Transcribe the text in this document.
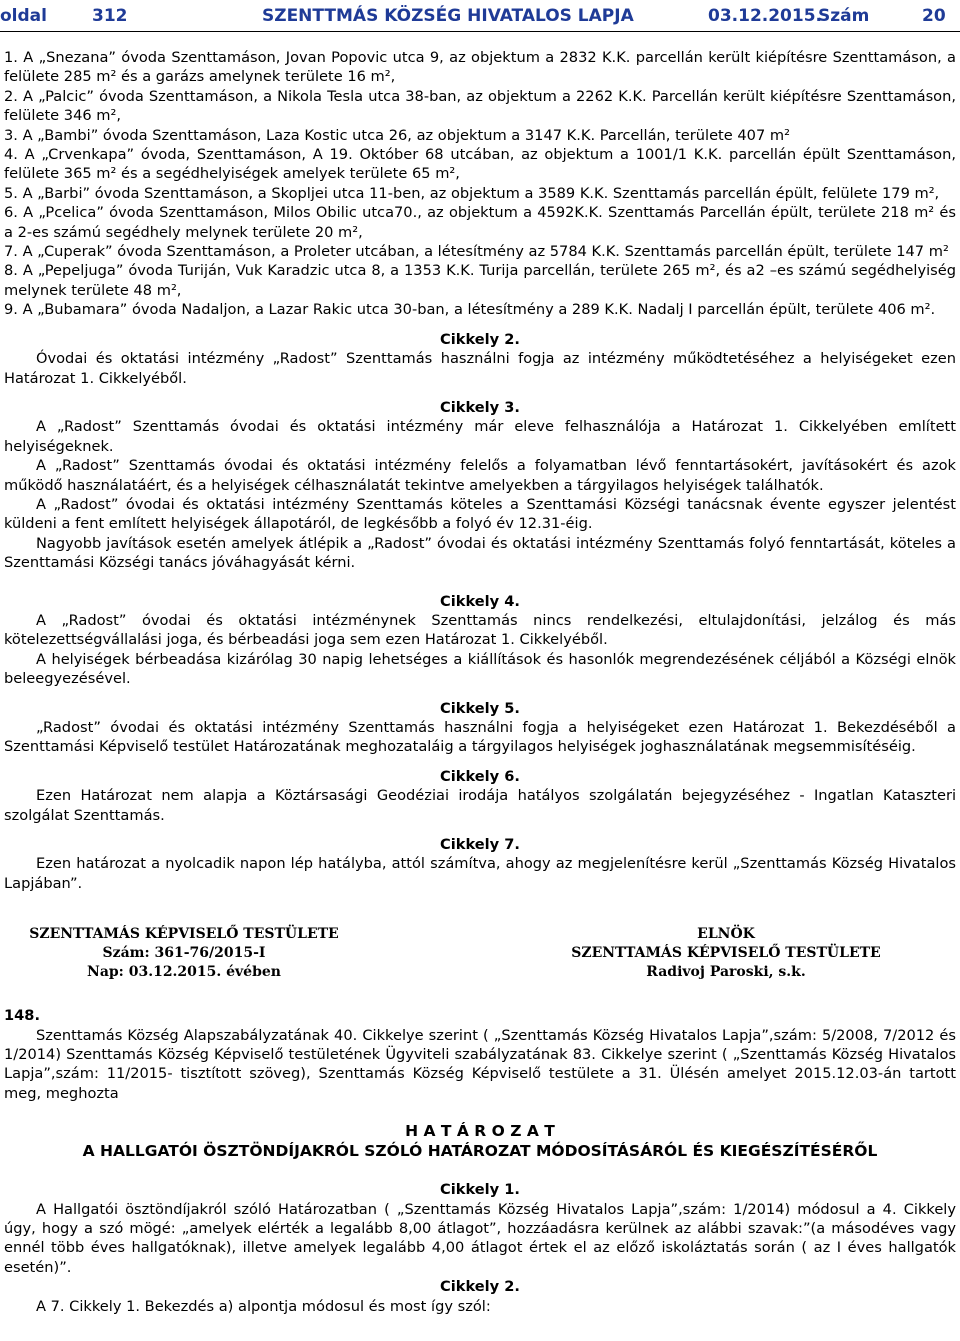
oldal	312	SZENTTMÁS KÖZSÉG HIVATALOS LAPJA	03.12.2015.
Szám	20

1. A „Snezana” óvoda Szenttamáson, Jovan Popovic utca 9, az objektum a 2832 K.K. parcellán került kiépítésre Szenttamáson, a felülete 285 m² és a garázs amelynek területe 16 m²,

2. A „Palcic” óvoda Szenttamáson, a Nikola Tesla utca 38-ban, az objektum a 2262 K.K. Parcellán került kiépítésre Szenttamáson, felülete 346 m²,

3. A „Bambi” óvoda Szenttamáson, Laza Kostic utca 26, az objektum a 3147 K.K. Parcellán, területe 407 m²

4. A „Crvenkapa” óvoda, Szenttamáson, A 19. Október 68 utcában, az objektum a 1001/1 K.K. parcellán épült Szenttamáson, felülete 365 m² és a segédhelyiségek amelyek területe 65 m²,

5. A „Barbi” óvoda Szenttamáson, a Skopljei utca 11-ben, az objektum a 3589 K.K. Szenttamás parcellán épült, felülete 179 m²,

6. A „Pcelica” óvoda Szenttamáson, Milos Obilic utca70., az objektum a 4592K.K. Szenttamás Parcellán épült, területe 218 m² és a 2-es számú segédhely melynek területe 20 m²,

7. A „Cuperak” óvoda Szenttamáson, a Proleter utcában, a létesítmény az 5784 K.K. Szenttamás parcellán épült, területe 147 m²

8. A „Pepeljuga” óvoda Turiján, Vuk Karadzic utca 8, a 1353 K.K. Turija parcellán, területe 265 m², és a2 –es számú segédhelyiség melynek területe 48 m²,

9. A „Bubamara” óvoda Nadaljon, a Lazar Rakic utca 30-ban, a létesítmény a 289 K.K. Nadalj I parcellán épült, területe 406 m².

Cikkely 2.

Óvodai és oktatási intézmény „Radost” Szenttamás használni fogja az intézmény működtetéséhez a helyiségeket ezen Határozat 1. Cikkelyéből.

Cikkely 3.

A „Radost” Szenttamás óvodai és oktatási intézmény már eleve felhasználója a Határozat 1. Cikkelyében említett helyiségeknek.

A „Radost” Szenttamás óvodai és oktatási intézmény felelős a folyamatban lévő fenntartásokért, javításokért és azok működő használatáért, és a helyiségek célhasználatát tekintve amelyekben a tárgyilagos helyiségek találhatók.

A „Radost” óvodai és oktatási intézmény Szenttamás köteles a Szenttamási Községi tanácsnak évente egyszer jelentést küldeni a fent említett helyiségek állapotáról, de legkésőbb a folyó év 12.31-éig.

Nagyobb javítások esetén amelyek átlépik a „Radost” óvodai és oktatási intézmény Szenttamás folyó fenntartását, köteles a Szenttamási Községi tanács jóváhagyását kérni.

Cikkely 4.

A „Radost” óvodai és oktatási intézménynek Szenttamás nincs rendelkezési, eltulajdonítási, jelzálog és más kötelezettségvállalási joga, és bérbeadási joga sem ezen Határozat 1. Cikkelyéből.

A helyiségek bérbeadása kizárólag 30 napig lehetséges a kiállítások és hasonlók megrendezésének céljából a Községi elnök beleegyezésével.

Cikkely 5.

„Radost” óvodai és oktatási intézmény Szenttamás használni fogja a helyiségeket ezen Határozat 1. Bekezdéséből a Szenttamási Képviselő testület Határozatának meghozataláig a tárgyilagos helyiségek joghasználatának megsemmisítéséig.

Cikkely 6.

Ezen Határozat nem alapja a Köztársasági Geodéziai irodája hatályos szolgálatán bejegyzéséhez - Ingatlan Kataszteri szolgálat Szenttamás.

Cikkely 7.

Ezen határozat a nyolcadik napon lép hatályba, attól számítva, ahogy az megjelenítésre kerül „Szenttamás Község Hivatalos Lapjában”.

SZENTTAMÁS KÉPVISELŐ TESTÜLETE
Szám: 361-76/2015-I
Nap: 03.12.2015. évében
ELNÖK
SZENTTAMÁS KÉPVISELŐ TESTÜLETE
Radivoj Paroski, s.k.

148.

Szenttamás Község Alapszabályzatának 40. Cikkelye szerint ( „Szenttamás Község Hivatalos Lapja”,szám: 5/2008, 7/2012 és 1/2014) Szenttamás Község Képviselő testületének Ügyviteli szabályzatának 83. Cikkelye szerint ( „Szenttamás Község Hivatalos Lapja”,szám: 11/2015- tisztított szöveg), Szenttamás Község Képviselő testülete a 31. Ülésén amelyet 2015.12.03-án tartott meg, meghozta

H A T Á R O Z A T

A HALLGATÓI ÖSZTÖNDÍJAKRÓL SZÓLÓ HATÁROZAT MÓDOSÍTÁSÁRÓL ÉS KIEGÉSZÍTÉSÉRŐL

Cikkely 1.

A Hallgatói ösztöndíjakról szóló Határozatban ( „Szenttamás Község Hivatalos Lapja”,szám: 1/2014) módosul a 4. Cikkely úgy, hogy a szó mögé: „amelyek elérték a legalább 8,00 átlagot”, hozzáadásra kerülnek az alábbi szavak:”(a másodéves vagy ennél több éves hallgatóknak), illetve amelyek legalább 4,00 átlagot értek el az előző iskoláztatás során ( az I éves hallgatók esetén)”.

Cikkely 2.

A 7. Cikkely 1. Bekezdés a) alpontja módosul és most így szól:
